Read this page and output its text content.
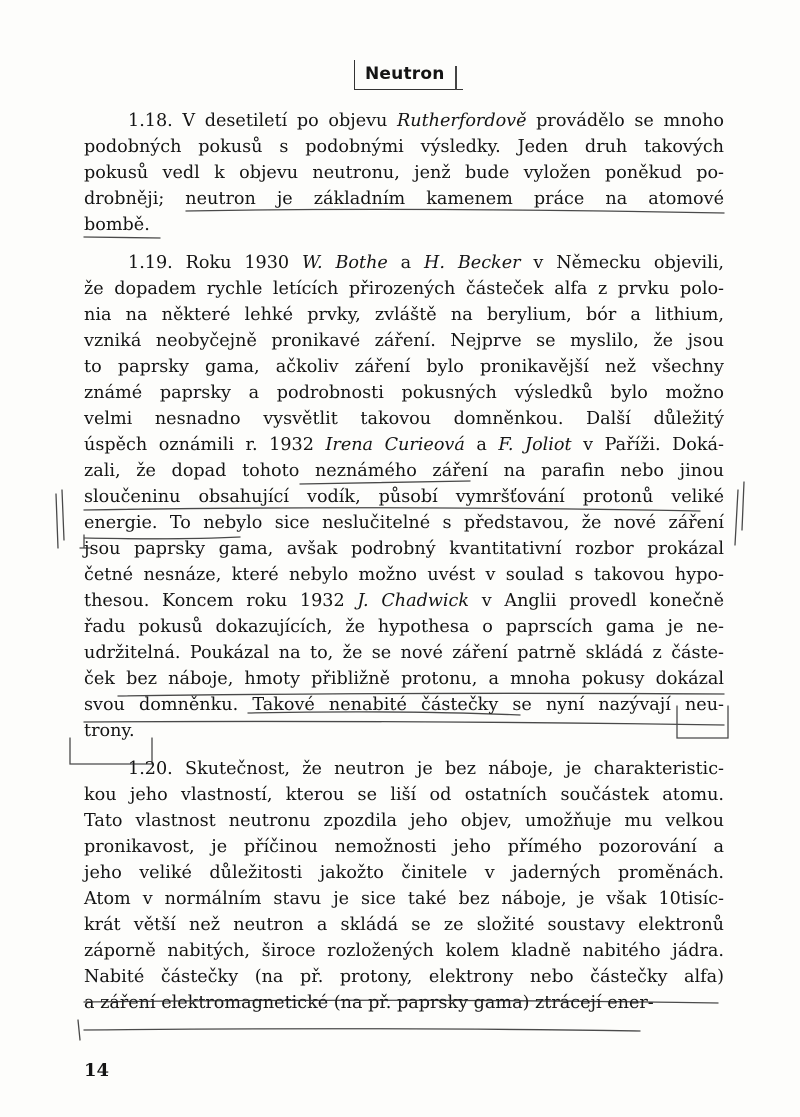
Neutron
1.18. V desetiletí po objevu Rutherfordově provádělo se mnoho
podobných pokusů s podobnými výsledky. Jeden druh takových
pokusů vedl k objevu neutronu, jenž bude vyložen poněkud po-
drobněji; neutron je základním kamenem práce na atomové
bombě.
1.19. Roku 1930 W. Bothe a H. Becker v Německu objevili,
že dopadem rychle letících přirozených částeček alfa z prvku polo-
nia na některé lehké prvky, zvláště na berylium, bór a lithium,
vzniká neobyčejně pronikavé záření. Nejprve se myslilo, že jsou
to paprsky gama, ačkoliv záření bylo pronikavější než všechny
známé paprsky a podrobnosti pokusných výsledků bylo možno
velmi nesnadno vysvětlit takovou domněnkou. Další důležitý
úspěch oznámili r. 1932 Irena Curieová a F. Joliot v Paříži. Doká-
zali, že dopad tohoto neznámého záření na parafin nebo jinou
sloučeninu obsahující vodík, působí vymršťování protonů veliké
energie. To nebylo sice neslučitelné s představou, že nové záření
jsou paprsky gama, avšak podrobný kvantitativní rozbor prokázal
četné nesnáze, které nebylo možno uvést v soulad s takovou hypo-
thesou. Koncem roku 1932 J. Chadwick v Anglii provedl konečně
řadu pokusů dokazujících, že hypothesa o paprscích gama je ne-
udržitelná. Poukázal na to, že se nové záření patrně skládá z částe-
ček bez náboje, hmoty přibližně protonu, a mnoha pokusy dokázal
svou domněnku. Takové nenabité částečky se nyní nazývají neu-
trony.
1.20. Skutečnost, že neutron je bez náboje, je charakteristic-
kou jeho vlastností, kterou se liší od ostatních součástek atomu.
Tato vlastnost neutronu zpozdila jeho objev, umožňuje mu velkou
pronikavost, je příčinou nemožnosti jeho přímého pozorování a
jeho veliké důležitosti jakožto činitele v jaderných proměnách.
Atom v normálním stavu je sice také bez náboje, je však 10tisíc-
krát větší než neutron a skládá se ze složité soustavy elektronů
záporně nabitých, široce rozložených kolem kladně nabitého jádra.
Nabité částečky (na př. protony, elektrony nebo částečky alfa)
a záření elektromagnetické (na př. paprsky gama) ztrácejí ener-
14
